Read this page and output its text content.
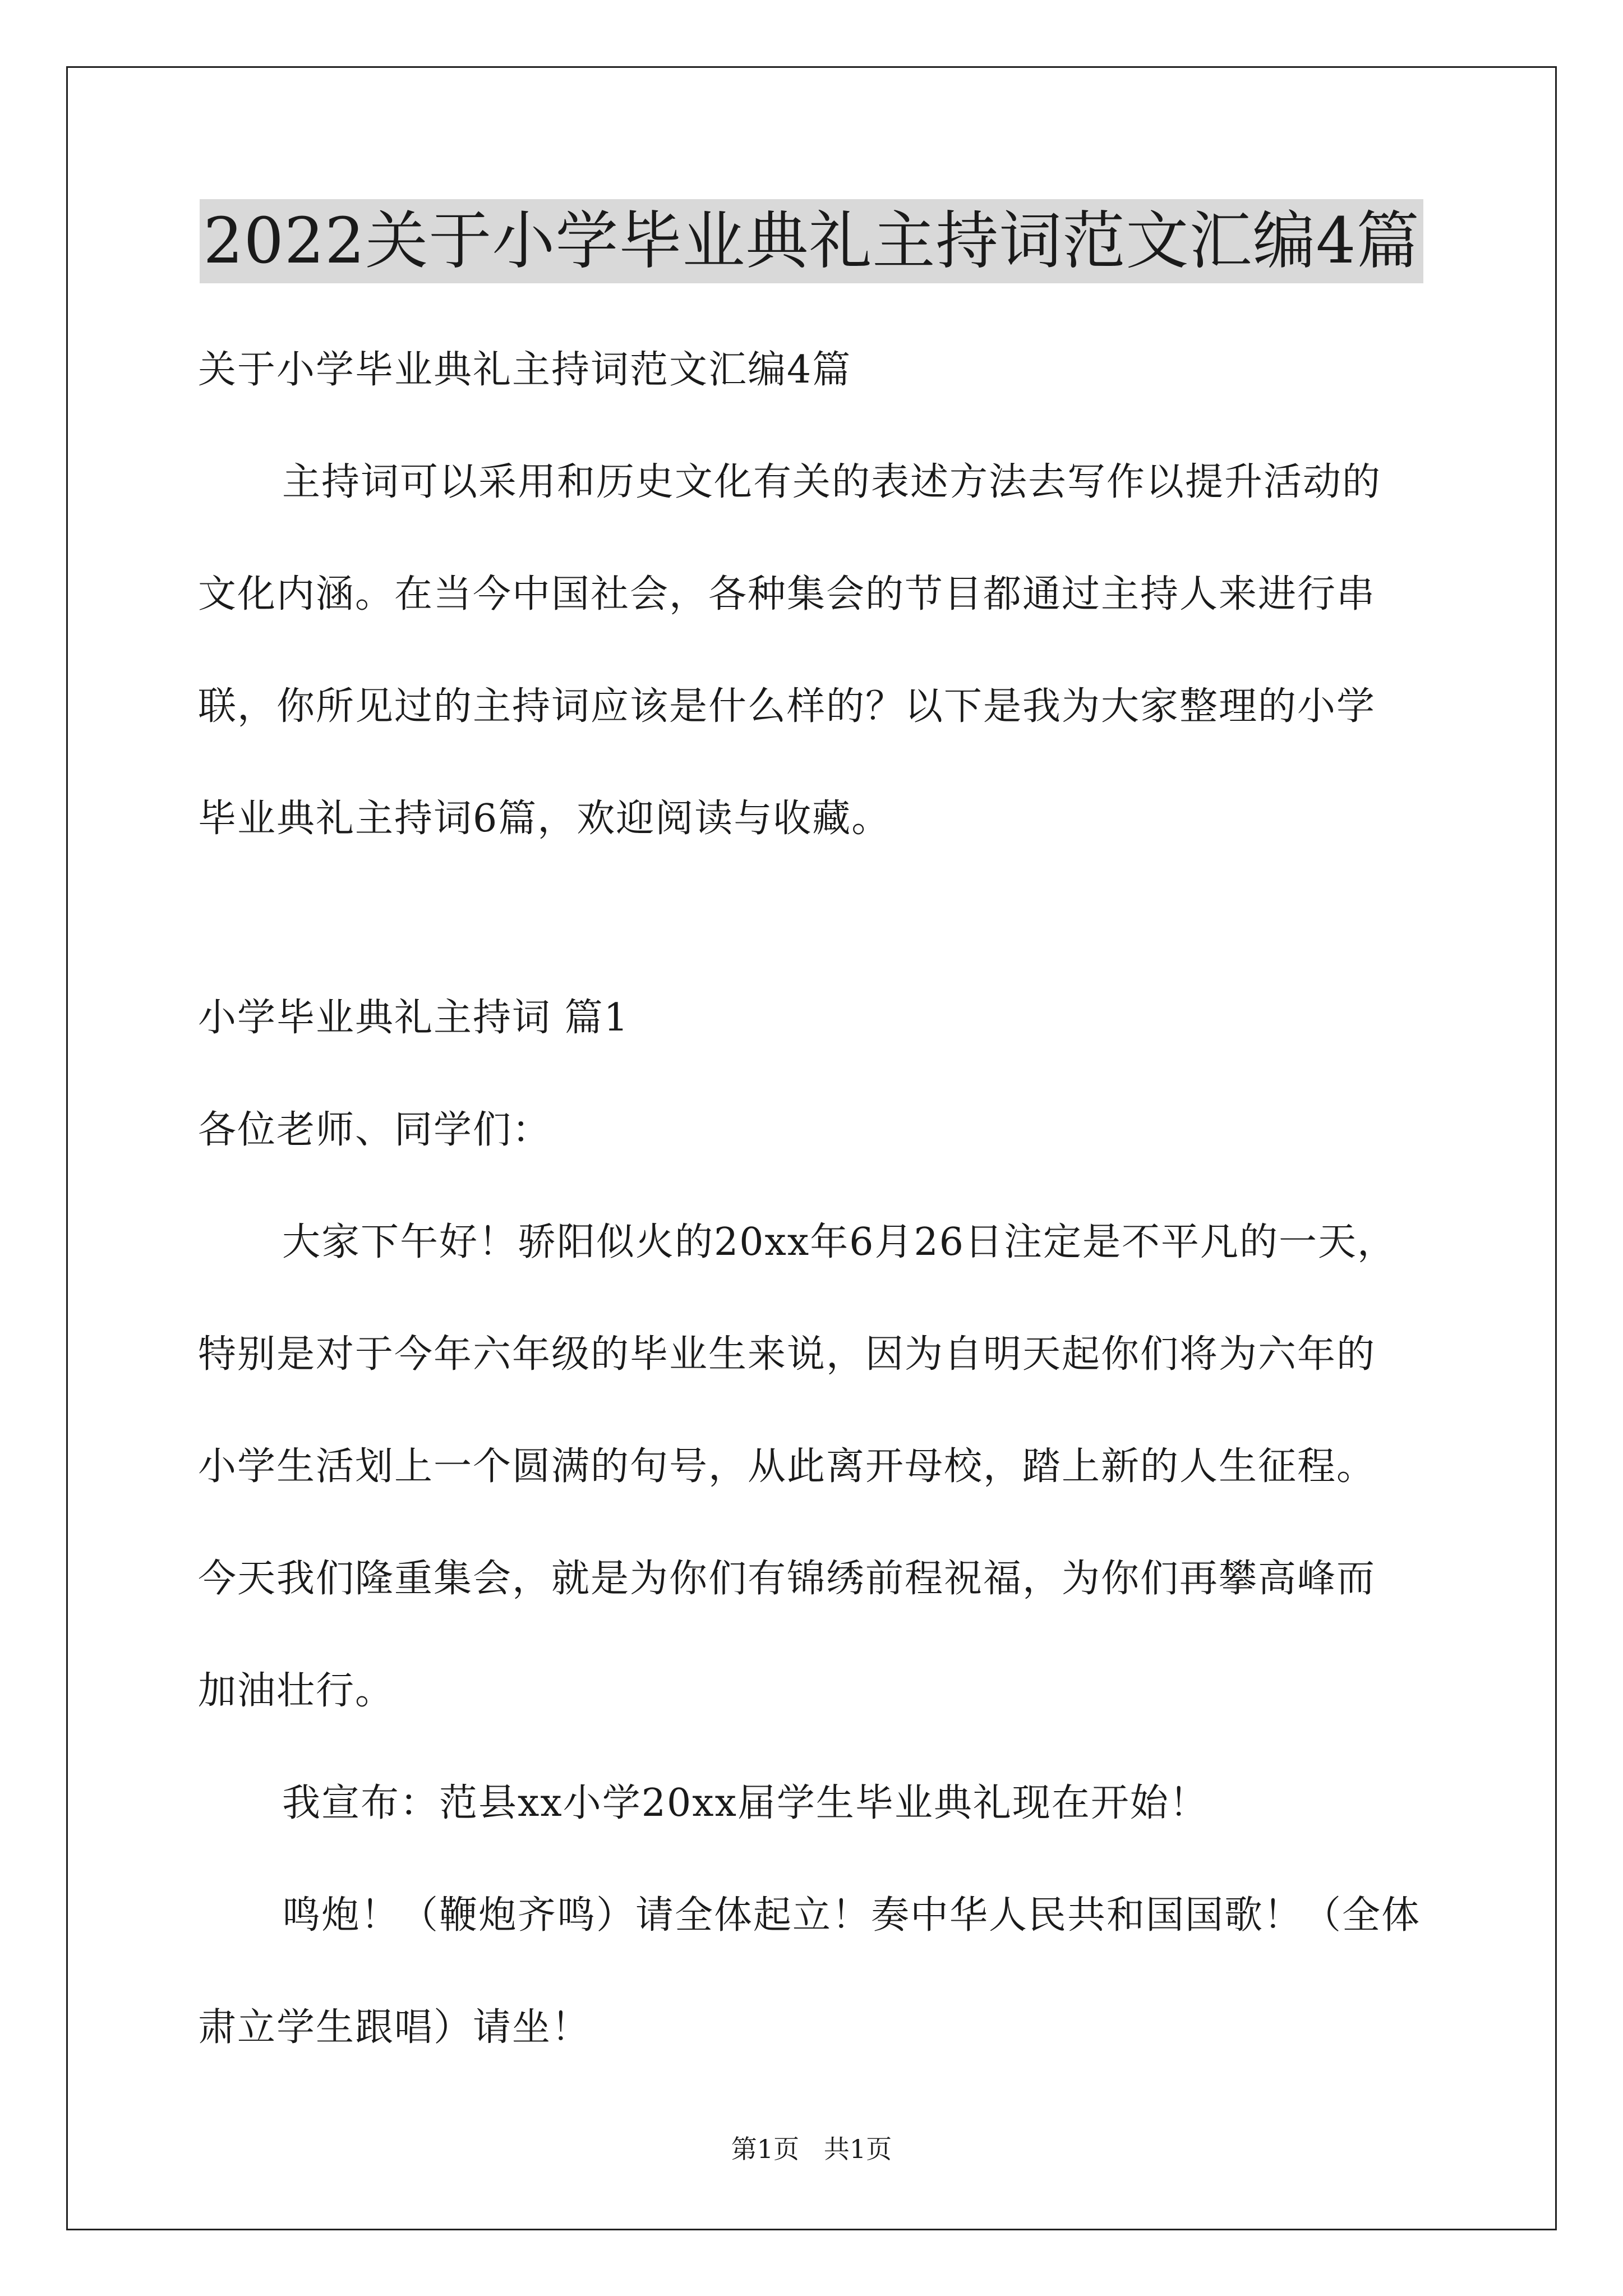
2022关于小学毕业典礼主持词范文汇编4篇
关于小学毕业典礼主持词范文汇编4篇
主持词可以采用和历史文化有关的表述方法去写作以提升活动的
文化内涵。在当今中国社会，各种集会的节目都通过主持人来进行串
联，你所见过的主持词应该是什么样的？以下是我为大家整理的小学
毕业典礼主持词6篇，欢迎阅读与收藏。
小学毕业典礼主持词 篇1
各位老师、同学们：
大家下午好！骄阳似火的20xx年6月26日注定是不平凡的一天，
特别是对于今年六年级的毕业生来说，因为自明天起你们将为六年的
小学生活划上一个圆满的句号，从此离开母校，踏上新的人生征程。
今天我们隆重集会，就是为你们有锦绣前程祝福，为你们再攀高峰而
加油壮行。
我宣布：范县xx小学20xx届学生毕业典礼现在开始！
鸣炮！（鞭炮齐鸣）请全体起立！奏中华人民共和国国歌！（全体
肃立学生跟唱）请坐！
第1页   共1页
